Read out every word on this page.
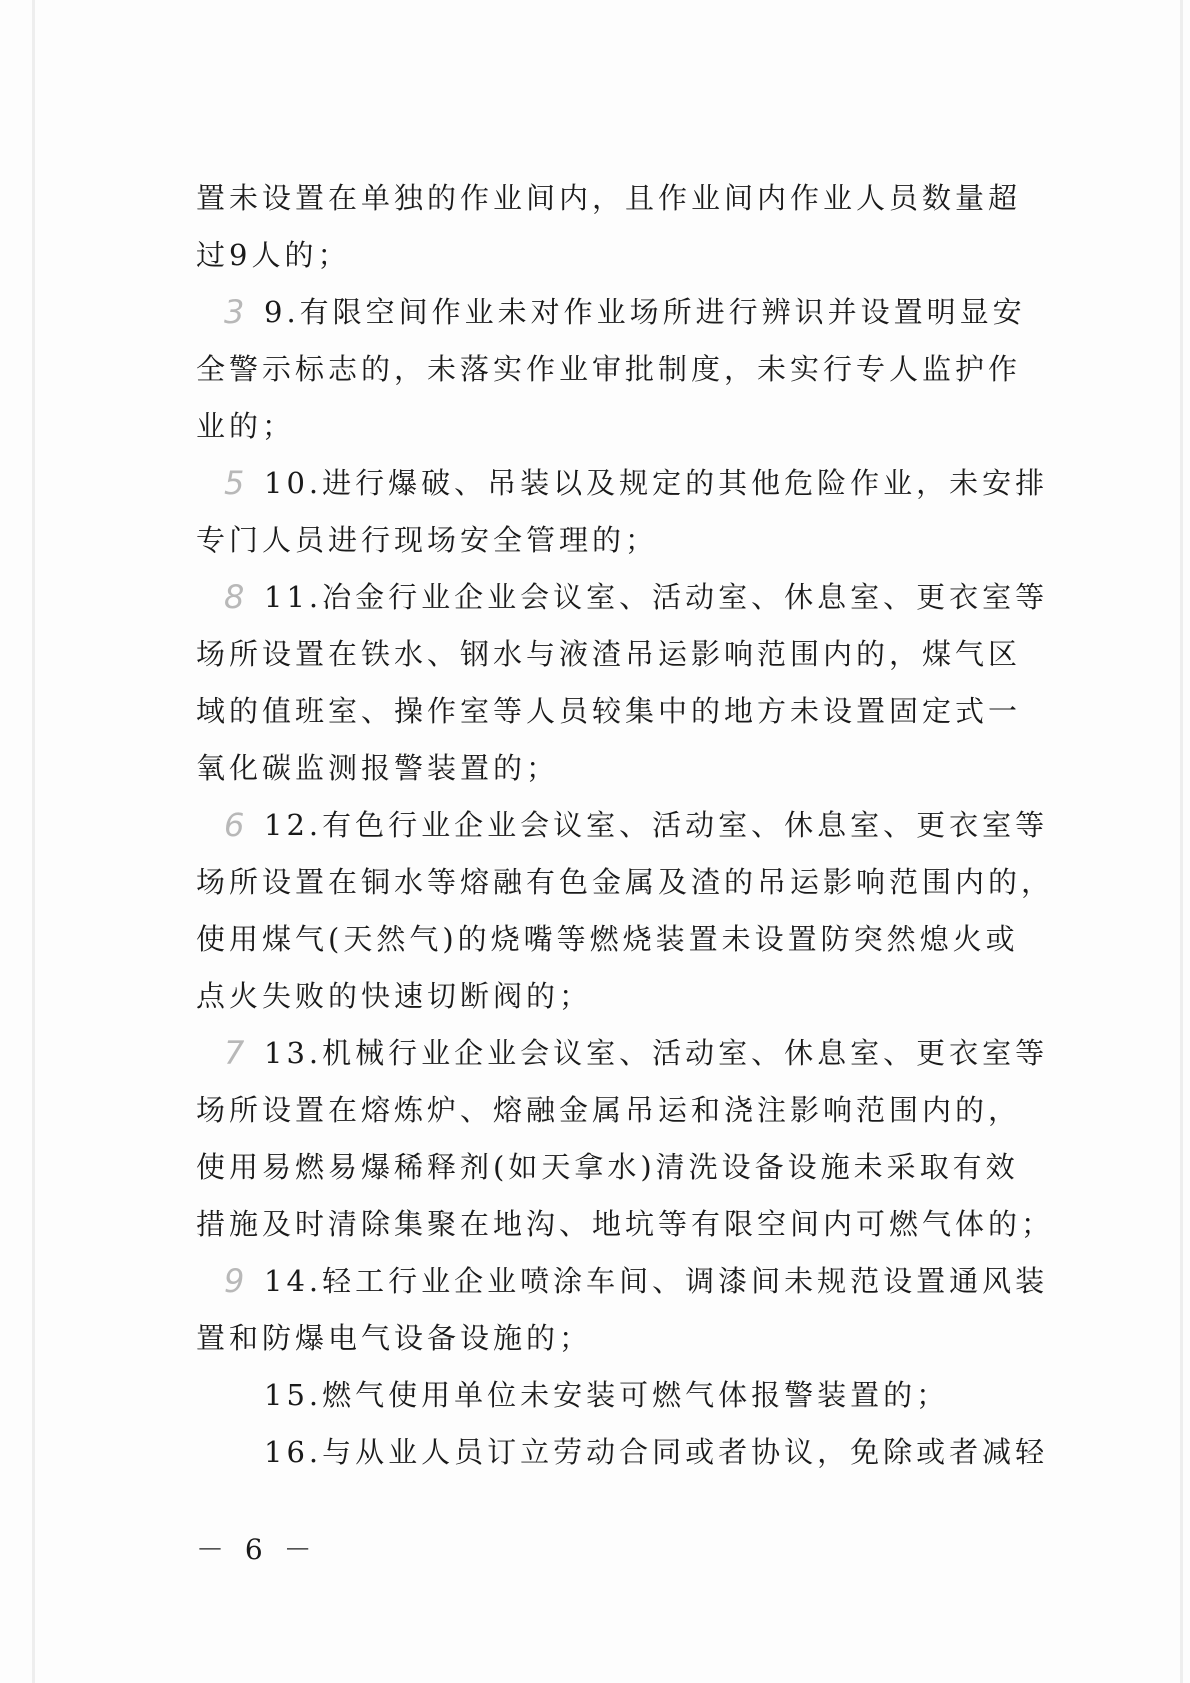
置未设置在单独的作业间内，且作业间内作业人员数量超
过9人的；
3 9.有限空间作业未对作业场所进行辨识并设置明显安
全警示标志的，未落实作业审批制度，未实行专人监护作
业的；
5 10.进行爆破、吊装以及规定的其他危险作业，未安排
专门人员进行现场安全管理的；
8 11.冶金行业企业会议室、活动室、休息室、更衣室等
场所设置在铁水、钢水与液渣吊运影响范围内的，煤气区
域的值班室、操作室等人员较集中的地方未设置固定式一
氧化碳监测报警装置的；
6 12.有色行业企业会议室、活动室、休息室、更衣室等
场所设置在铜水等熔融有色金属及渣的吊运影响范围内的，
使用煤气(天然气)的烧嘴等燃烧装置未设置防突然熄火或
点火失败的快速切断阀的；
7 13.机械行业企业会议室、活动室、休息室、更衣室等
场所设置在熔炼炉、熔融金属吊运和浇注影响范围内的，
使用易燃易爆稀释剂(如天拿水)清洗设备设施未采取有效
措施及时清除集聚在地沟、地坑等有限空间内可燃气体的；
9 14.轻工行业企业喷涂车间、调漆间未规范设置通风装
置和防爆电气设备设施的；
15.燃气使用单位未安装可燃气体报警装置的；
16.与从业人员订立劳动合同或者协议，免除或者减轻
－ 6 －
